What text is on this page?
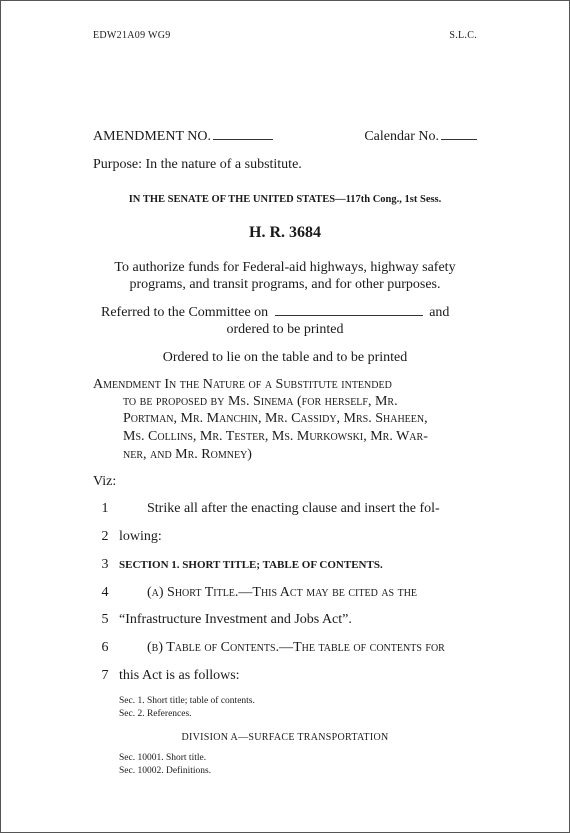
EDW21A09 WG9	S.L.C.
AMENDMENT NO.	Calendar No.
Purpose: In the nature of a substitute.
IN THE SENATE OF THE UNITED STATES—117th Cong., 1st Sess.
H. R. 3684
To authorize funds for Federal-aid highways, highway safety
programs, and transit programs, and for other purposes.
Referred to the Committee on	and
ordered to be printed
Ordered to lie on the table and to be printed
Amendment In the Nature of a Substitute intended
to be proposed by Ms. Sinema (for herself, Mr.
Portman, Mr. Manchin, Mr. Cassidy, Mrs. Shaheen,
Ms. Collins, Mr. Tester, Ms. Murkowski, Mr. War-
ner, and Mr. Romney)
Viz:
1	Strike all after the enacting clause and insert the fol-
2 lowing:
3 SECTION 1. SHORT TITLE; TABLE OF CONTENTS.
4	(a) Short Title.—This Act may be cited as the
5 “Infrastructure Investment and Jobs Act”.
6	(b) Table of Contents.—The table of contents for
7 this Act is as follows:
Sec. 1. Short title; table of contents.
Sec. 2. References.
DIVISION A—SURFACE TRANSPORTATION
Sec. 10001. Short title.
Sec. 10002. Definitions.
